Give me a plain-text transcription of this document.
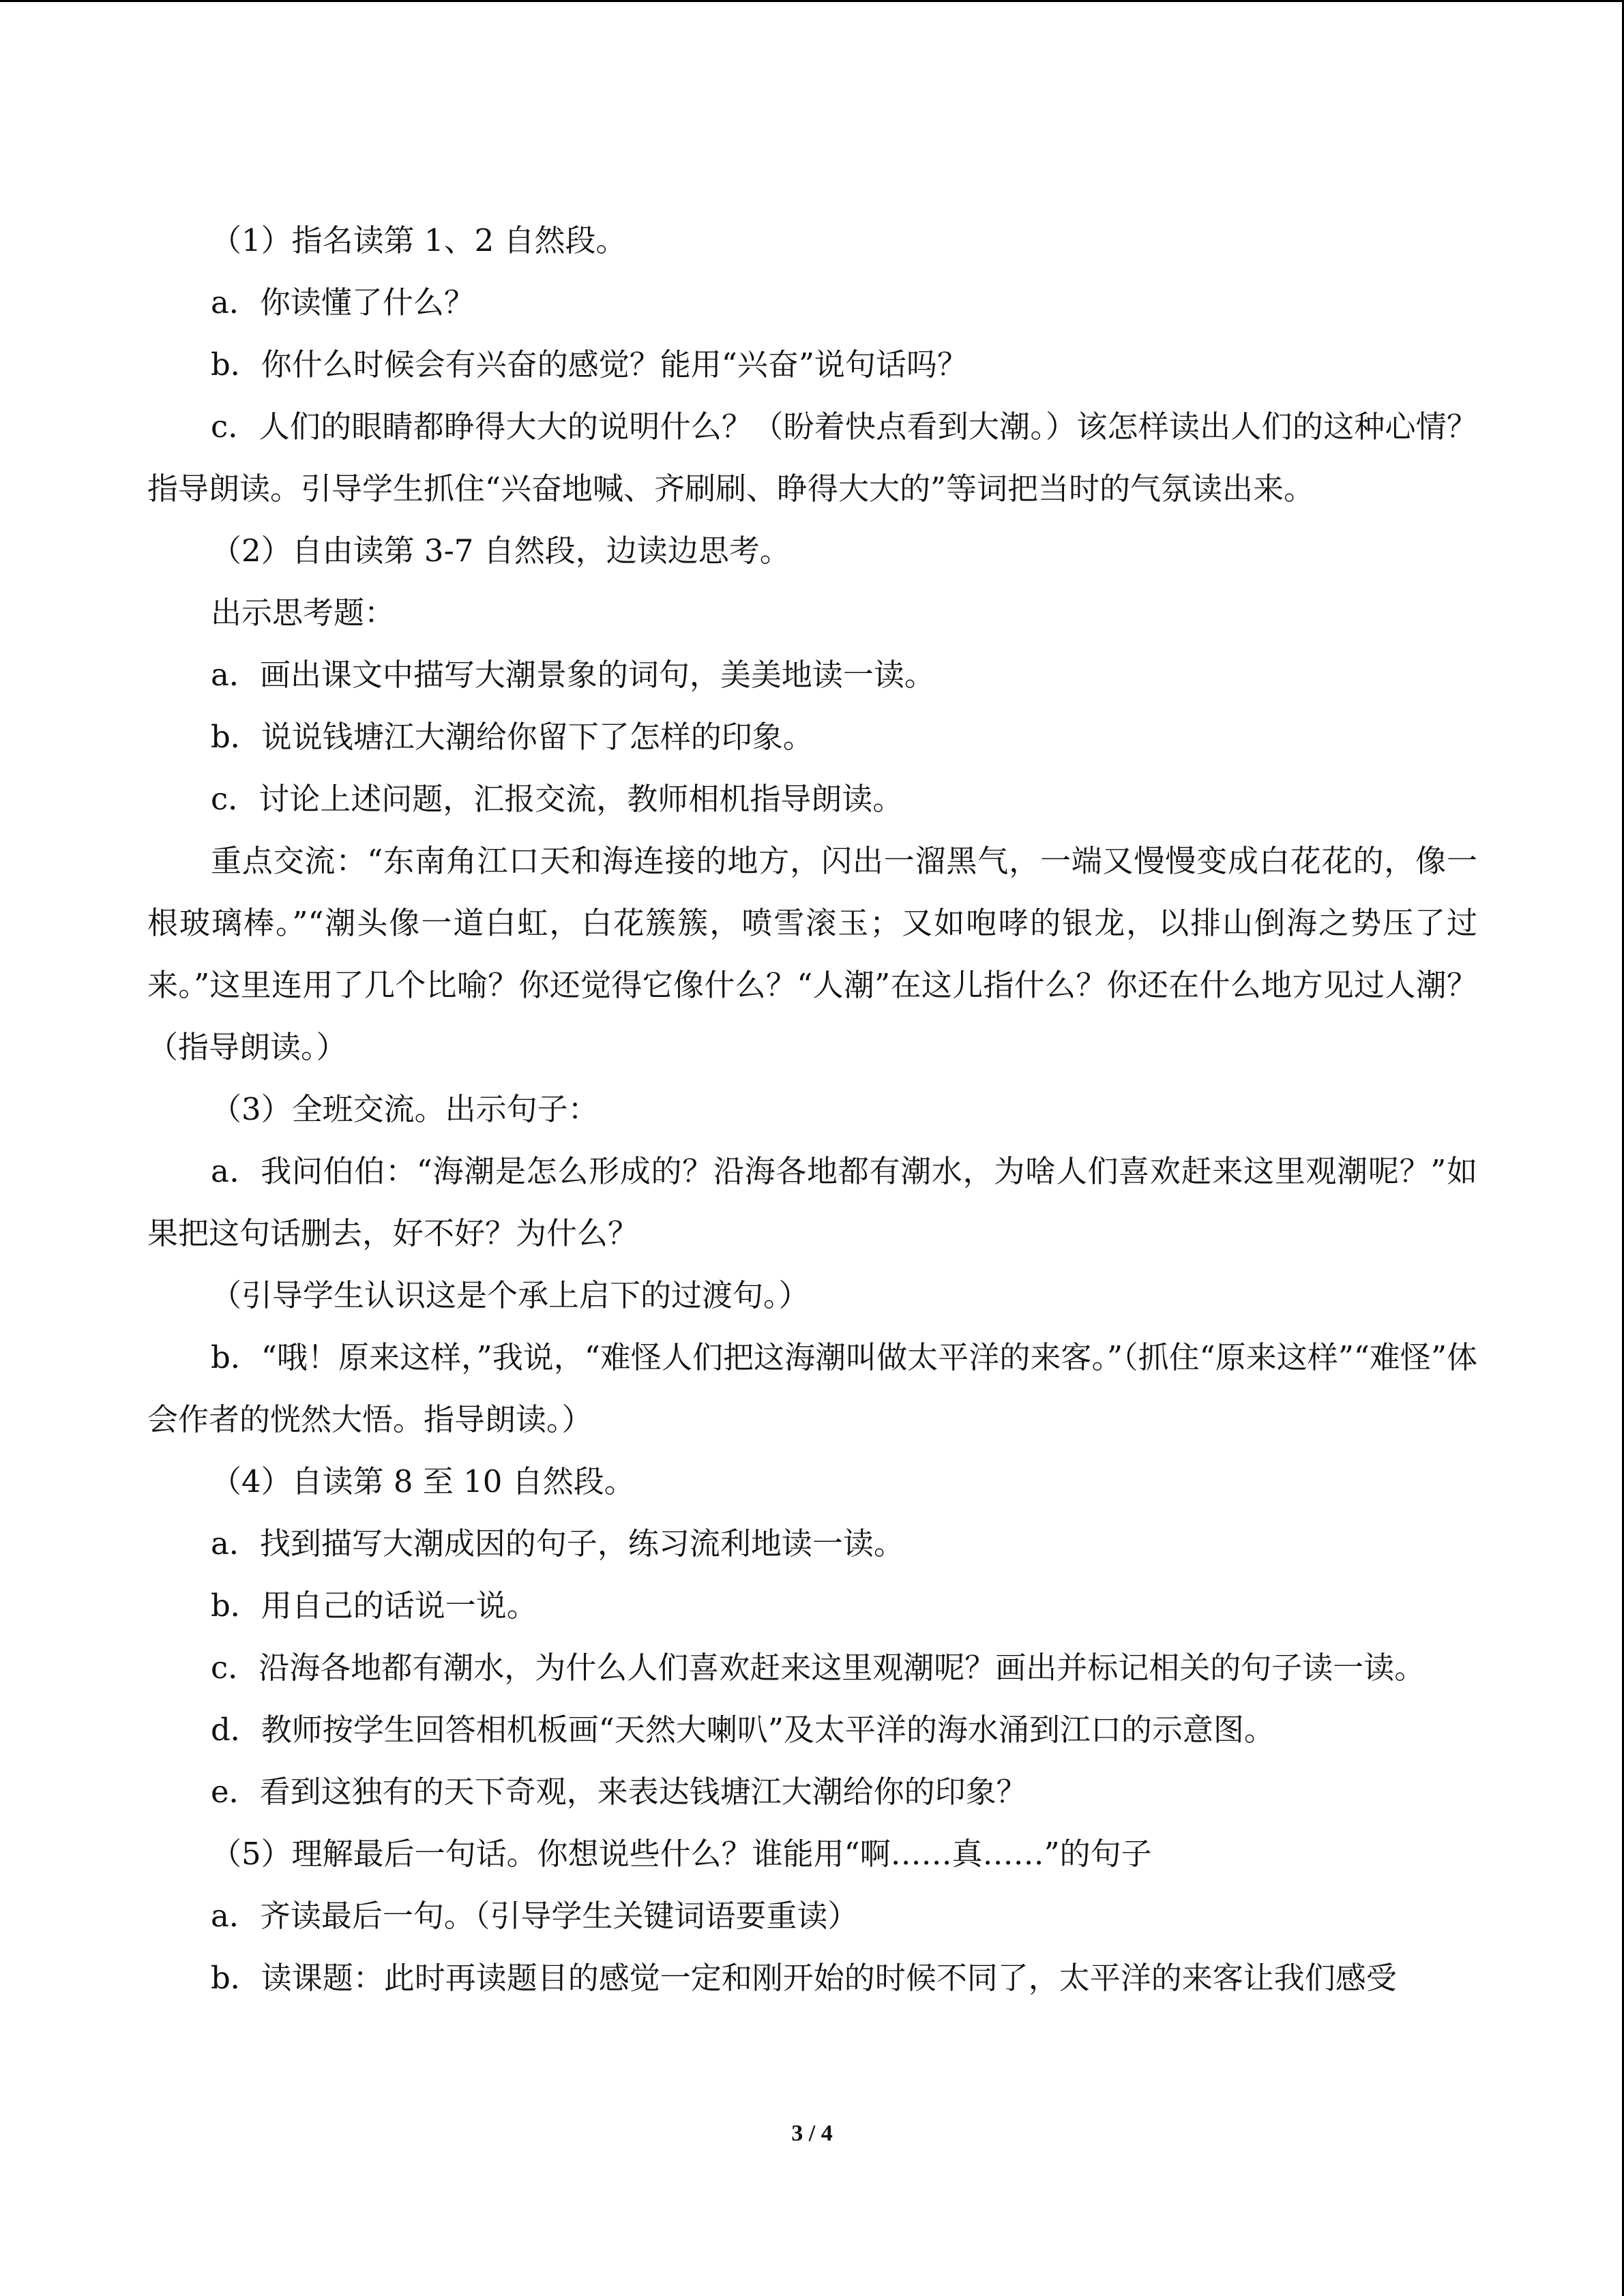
（1）指名读第 1、2 自然段。

a．你读懂了什么？

b．你什么时候会有兴奋的感觉？能用“兴奋”说句话吗？

c．人们的眼睛都睁得大大的说明什么？（盼着快点看到大潮。）该怎样读出人们的这种心情？指导朗读。引导学生抓住“兴奋地喊、齐刷刷、睁得大大的”等词把当时的气氛读出来。

（2）自由读第 3-7 自然段，边读边思考。

出示思考题：

a．画出课文中描写大潮景象的词句，美美地读一读。

b．说说钱塘江大潮给你留下了怎样的印象。

c．讨论上述问题，汇报交流，教师相机指导朗读。

重点交流：“东南角江口天和海连接的地方，闪出一溜黑气，一端又慢慢变成白花花的，像一根玻璃棒。”“潮头像一道白虹，白花簇簇，喷雪滚玉；又如咆哮的银龙，以排山倒海之势压了过来。”这里连用了几个比喻？你还觉得它像什么？“人潮”在这儿指什么？你还在什么地方见过人潮？（指导朗读。）

（3）全班交流。出示句子：

a．我问伯伯：“海潮是怎么形成的？沿海各地都有潮水，为啥人们喜欢赶来这里观潮呢？”如果把这句话删去，好不好？为什么？

（引导学生认识这是个承上启下的过渡句。）

b．“哦！原来这样，”我说，“难怪人们把这海潮叫做太平洋的来客。”（抓住“原来这样”“难怪”体会作者的恍然大悟。指导朗读。）

（4）自读第 8 至 10 自然段。

a．找到描写大潮成因的句子，练习流利地读一读。

b．用自己的话说一说。

c．沿海各地都有潮水，为什么人们喜欢赶来这里观潮呢？画出并标记相关的句子读一读。

d．教师按学生回答相机板画“天然大喇叭”及太平洋的海水涌到江口的示意图。

e．看到这独有的天下奇观，来表达钱塘江大潮给你的印象？

（5）理解最后一句话。你想说些什么？谁能用“啊……真……”的句子

a．齐读最后一句。（引导学生关键词语要重读）

b．读课题：此时再读题目的感觉一定和刚开始的时候不同了，太平洋的来客让我们感受

3 / 4
